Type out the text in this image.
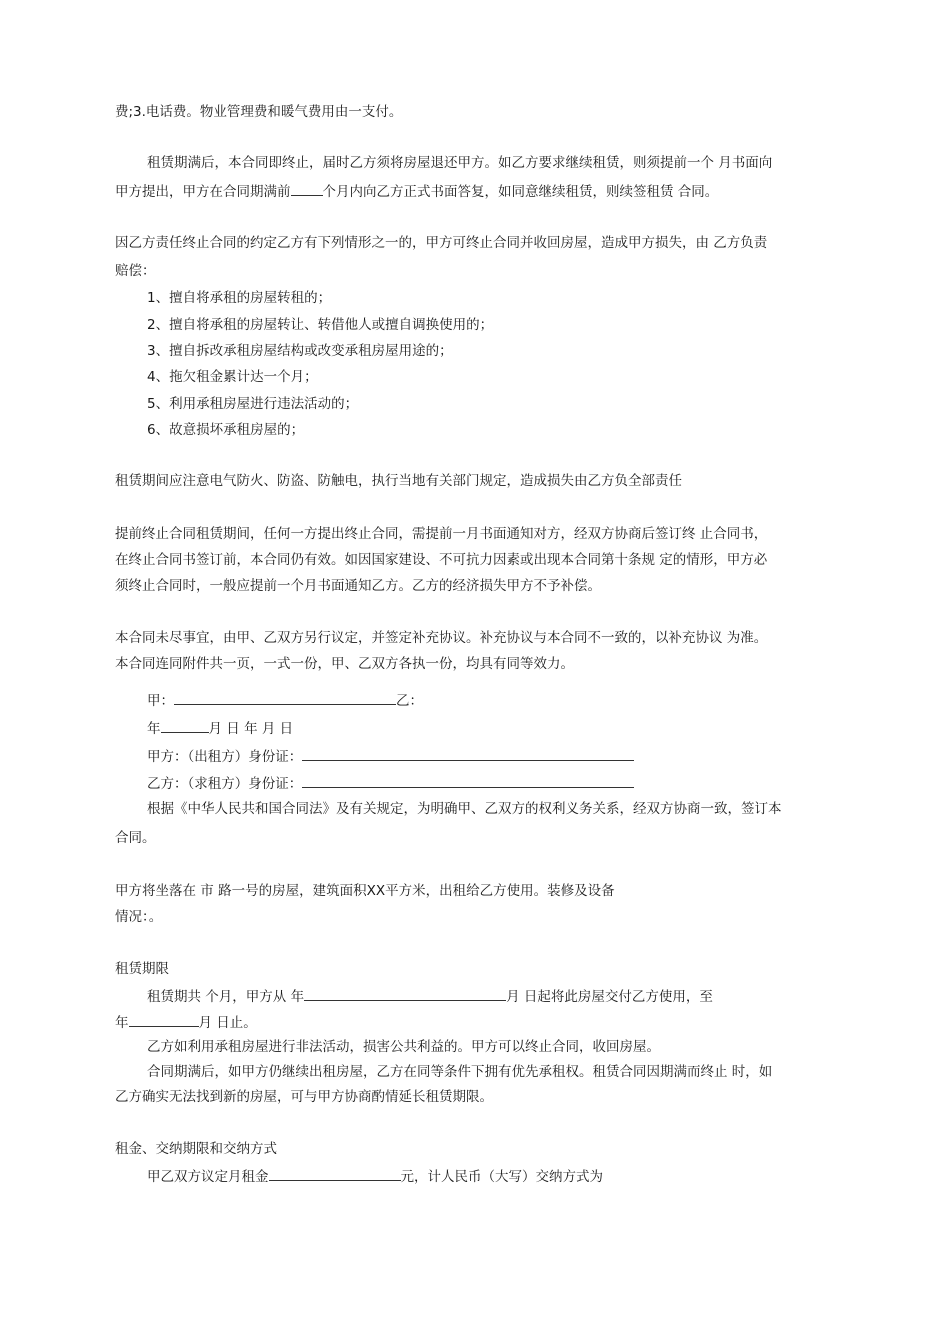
费;3.电话费。物业管理费和暖气费用由一支付。
租赁期满后，本合同即终止，届时乙方须将房屋退还甲方。如乙方要求继续租赁，则须提前一个 月书面向
甲方提出，甲方在合同期满前 个月内向乙方正式书面答复，如同意继续租赁，则续签租赁 合同。
因乙方责任终止合同的约定乙方有下列情形之一的，甲方可终止合同并收回房屋，造成甲方损失，由 乙方负责
赔偿：
1、擅自将承租的房屋转租的；
2、擅自将承租的房屋转让、转借他人或擅自调换使用的；
3、擅自拆改承租房屋结构或改变承租房屋用途的；
4、拖欠租金累计达一个月；
5、利用承租房屋进行违法活动的；
6、故意损坏承租房屋的；
租赁期间应注意电气防火、防盗、防触电，执行当地有关部门规定，造成损失由乙方负全部责任
提前终止合同租赁期间，任何一方提出终止合同，需提前一月书面通知对方，经双方协商后签订终 止合同书，
在终止合同书签订前，本合同仍有效。如因国家建设、不可抗力因素或出现本合同第十条规 定的情形，甲方必
须终止合同时，一般应提前一个月书面通知乙方。乙方的经济损失甲方不予补偿。
本合同未尽事宜，由甲、乙双方另行议定，并签定补充协议。补充协议与本合同不一致的，以补充协议 为准。
本合同连同附件共一页，一式一份，甲、乙双方各执一份，均具有同等效力。
甲：	乙：
年	月 日 年 月 日
甲方：（出租方）身份证：
乙方：（求租方）身份证：
根据《中华人民共和国合同法》及有关规定，为明确甲、乙双方的权利义务关系，经双方协商一致，签订本
合同。
甲方将坐落在 市 路一号的房屋，建筑面积XX平方米，出租给乙方使用。装修及设备
情况：。
租赁期限
租赁期共 个月，甲方从 年	月 日起将此房屋交付乙方使用，至
年	月 日止。
乙方如利用承租房屋进行非法活动，损害公共利益的。甲方可以终止合同，收回房屋。
合同期满后，如甲方仍继续出租房屋，乙方在同等条件下拥有优先承租权。租赁合同因期满而终止 时，如
乙方确实无法找到新的房屋，可与甲方协商酌情延长租赁期限。
租金、交纳期限和交纳方式
甲乙双方议定月租金	元，计人民币（大写）交纳方式为
